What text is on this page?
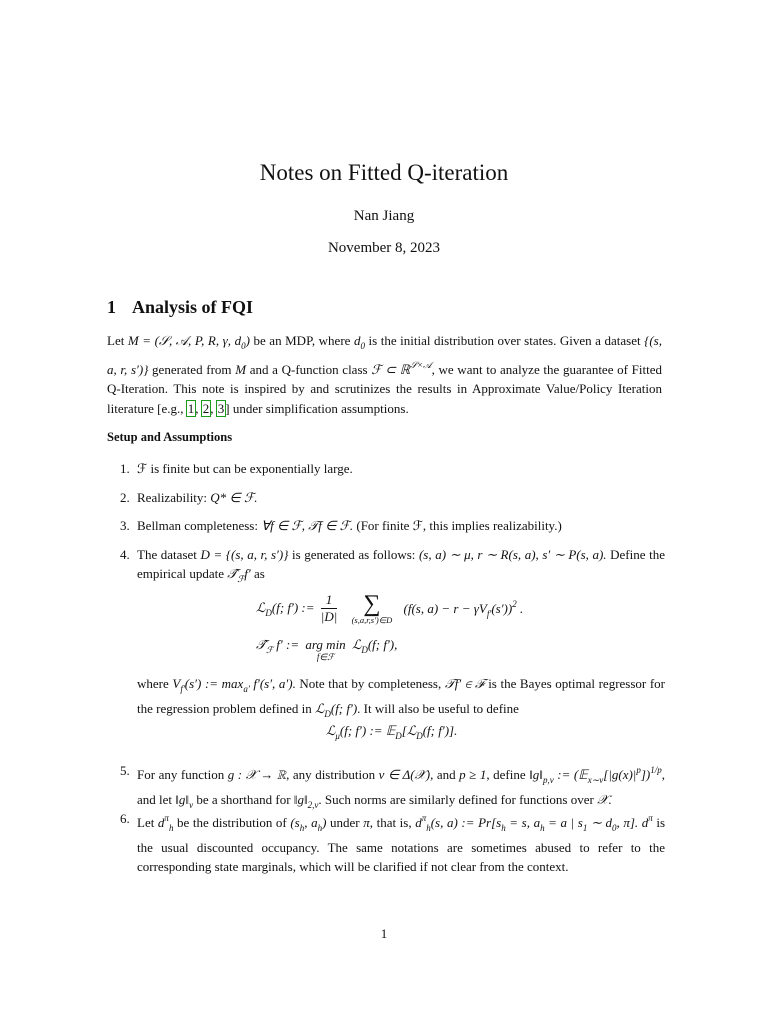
Notes on Fitted Q-iteration
Nan Jiang
November 8, 2023
1 Analysis of FQI
Let M = (𝒮, 𝒜, P, R, γ, $d_0$) be an MDP, where $d_0$ is the initial distribution over states. Given a dataset {(s, a, r, s′)} generated from M and a Q-function class ℱ ⊂ ℝ$^{𝒮\times 𝒜}$, we want to analyze the guarantee of Fitted Q-Iteration. This note is inspired by and scrutinizes the results in Approximate Value/Policy Iteration literature [e.g., 1, 2, 3] under simplification assumptions.
Setup and Assumptions
1. ℱ is finite but can be exponentially large.
2. Realizability: Q* ∈ ℱ.
3. Bellman completeness: ∀f ∈ ℱ, 𝒯f ∈ ℱ. (For finite ℱ, this implies realizability.)
4. The dataset D = {(s, a, r, s′)} is generated as follows: (s, a) ∼ μ, r ∼ R(s, a), s′ ∼ P(s, a). Define the empirical update $𝒯̂_ℱf'$ as
ℒ$_D$(f; f′) := $\frac{1}{|D|}$
	∑
(s,a,r,s′)∈D
(f(s, $a) - r - \gamma V_{f'}(s'))^2$ .
$𝒯̂_ℱ$ f′ := arg min
f∈ℱ
ℒ$_D$(f; f′),
where $V_{f'}(s')$ := $\max_{a'} f'(s'$, a′). Note that by completeness, 𝒯f′ ∈ ℱ is the Bayes optimal regressor for the regression problem defined in ℒ$_D$(f; f′). It will also be useful to define
ℒ$_\mu$(f; f′) := 𝔼$_D$[ℒ$_D$(f; f′)].
5. For any function g : 𝒳 → ℝ, any distribution ν ∈ Δ(𝒳), and p ≥ 1, define $‖g‖_{p,\nu}$ := $(𝔼_{x\sim\nu}[|g(x)|^p])^{1/p}$, and let $‖g‖_\nu$ be a shorthand for $‖g‖_{2,\nu}$. Such norms are similarly defined for functions over 𝒳.
6. Let $d^\pi_h$ be the distribution of ($s_h$, $a_h$) under π, that is, $d^\pi_h(s$, a) := $Pr[s_h = s$, $a_h = a$ | $s_1$ ∼ $d_0$, π]. $d^\pi$ is the usual discounted occupancy. The same notations are sometimes abused to refer to the corresponding state marginals, which will be clarified if not clear from the context.
1
